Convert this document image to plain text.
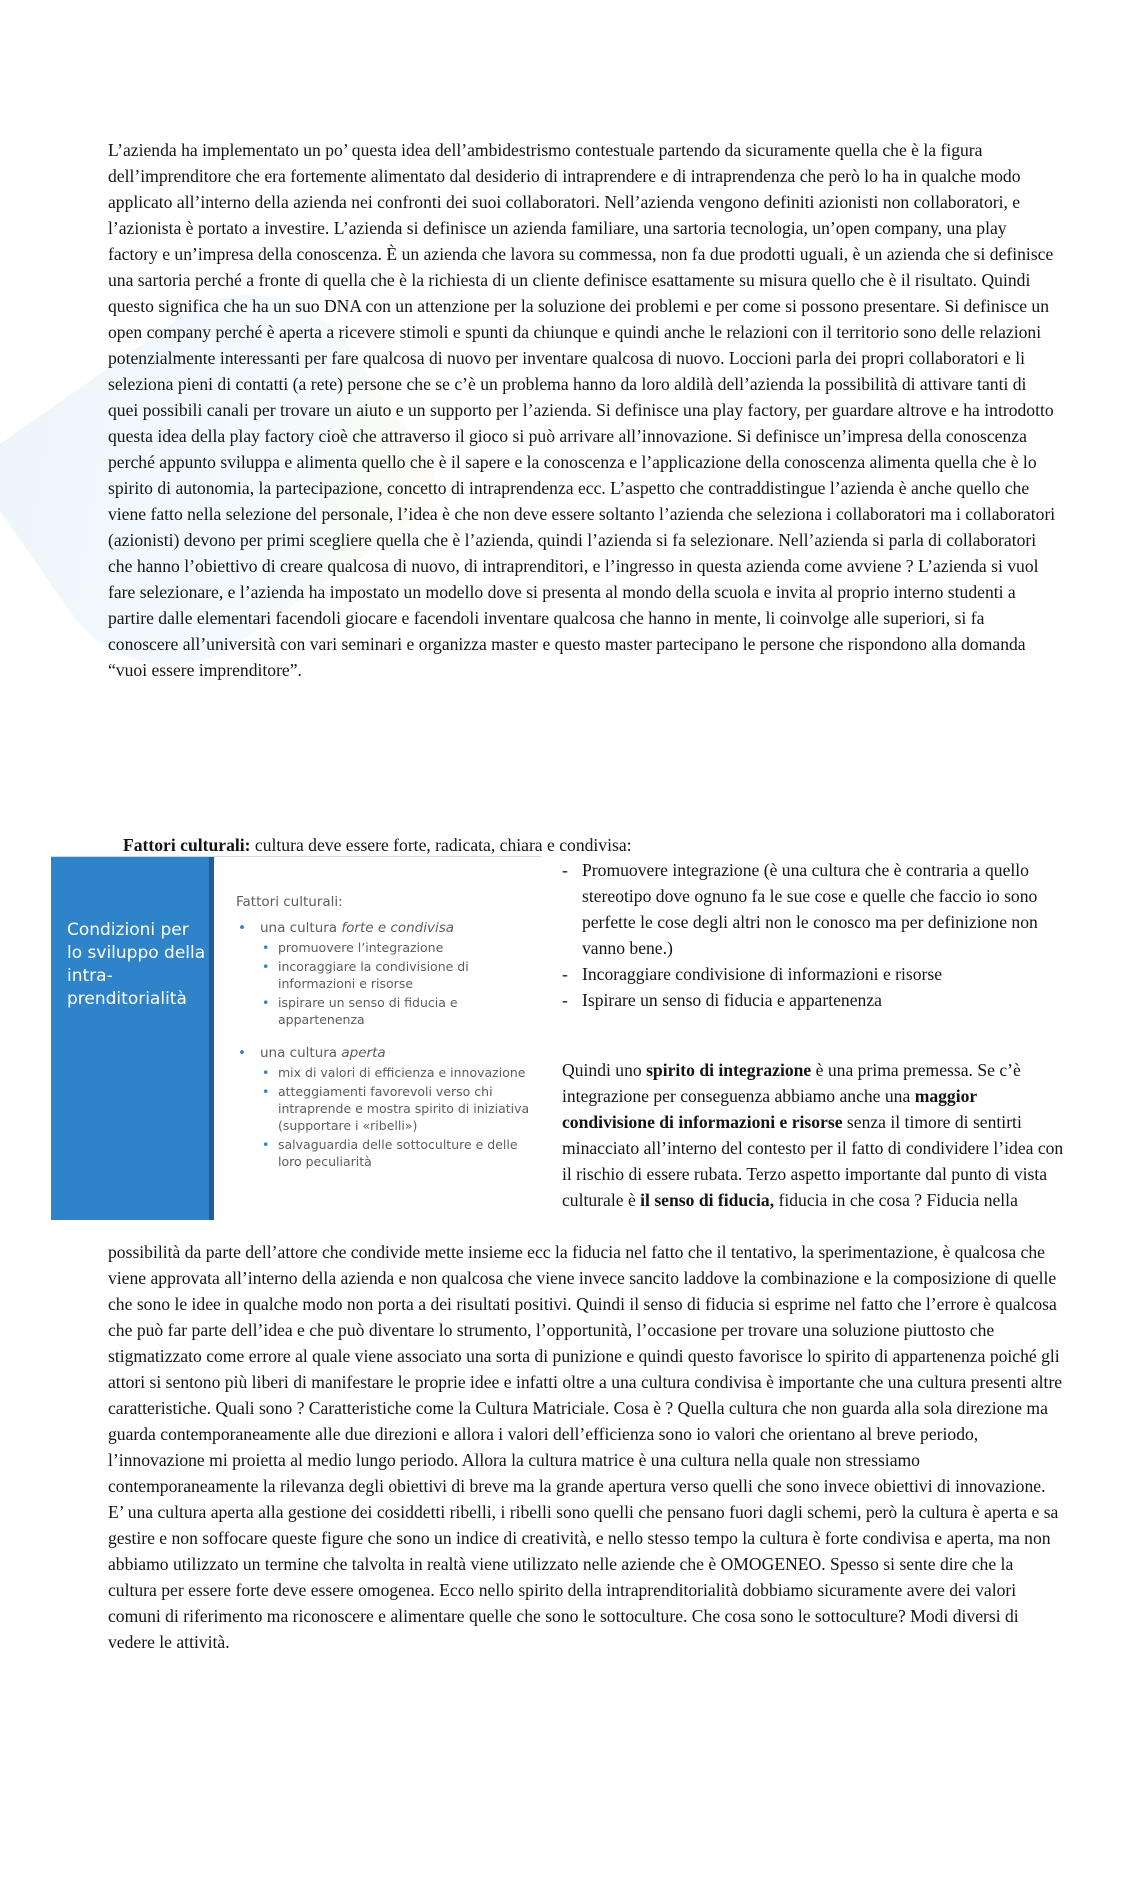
L’azienda ha implementato un po’ questa idea dell’ambidestrismo contestuale partendo da sicuramente quella che è la figura dell’imprenditore che era fortemente alimentato dal desiderio di intraprendere e di intraprendenza che però lo ha in qualche modo applicato all’interno della azienda nei confronti dei suoi collaboratori. Nell’azienda vengono definiti azionisti non collaboratori, e l’azionista è portato a investire. L’azienda si definisce un azienda familiare, una sartoria tecnologia, un’open company, una play factory e un’impresa della conoscenza. È un azienda che lavora su commessa, non fa due prodotti uguali, è un azienda che si definisce una sartoria perché a fronte di quella che è la richiesta di un cliente definisce esattamente su misura quello che è il risultato. Quindi questo significa che ha un suo DNA con un attenzione per la soluzione dei problemi e per come si possono presentare. Si definisce un open company perché è aperta a ricevere stimoli e spunti da chiunque e quindi anche le relazioni con il territorio sono delle relazioni potenzialmente interessanti per fare qualcosa di nuovo per inventare qualcosa di nuovo. Loccioni parla dei propri collaboratori e li seleziona pieni di contatti (a rete) persone che se c’è un problema hanno da loro aldilà dell’azienda la possibilità di attivare tanti di quei possibili canali per trovare un aiuto e un supporto per l’azienda. Si definisce una play factory, per guardare altrove e ha introdotto questa idea della play factory cioè che attraverso il gioco si può arrivare all’innovazione. Si definisce un’impresa della conoscenza perché appunto sviluppa e alimenta quello che è il sapere e la conoscenza e l’applicazione della conoscenza alimenta quella che è lo spirito di autonomia, la partecipazione, concetto di intraprendenza ecc. L’aspetto che contraddistingue l’azienda è anche quello che viene fatto nella selezione del personale, l’idea è che non deve essere soltanto l’azienda che seleziona i collaboratori ma i collaboratori (azionisti) devono per primi scegliere quella che è l’azienda, quindi l’azienda si fa selezionare. Nell’azienda si parla di collaboratori che hanno l’obiettivo di creare qualcosa di nuovo, di intraprenditori, e l’ingresso in questa azienda come avviene ? L’azienda si vuol fare selezionare, e l’azienda ha impostato un modello dove si presenta al mondo della scuola e invita al proprio interno studenti a partire dalle elementari facendoli giocare e facendoli inventare qualcosa che hanno in mente, li coinvolge alle superiori, si fa conoscere all’università con vari seminari e organizza master e questo master partecipano le persone che rispondono alla domanda “vuoi essere imprenditore”.

Fattori culturali: cultura deve essere forte, radicata, chiara e condivisa:

Condizioni per lo sviluppo della intra-prenditorialità
Fattori culturali:
• una cultura forte e condivisa
• promuovere l’integrazione
• incoraggiare la condivisione di informazioni e risorse
• ispirare un senso di fiducia e appartenenza
• una cultura aperta
• mix di valori di efficienza e innovazione
• atteggiamenti favorevoli verso chi intraprende e mostra spirito di iniziativa (supportare i «ribelli»)
• salvaguardia delle sottoculture e delle loro peculiarità
- Promuovere integrazione (è una cultura che è contraria a quello stereotipo dove ognuno fa le sue cose e quelle che faccio io sono perfette le cose degli altri non le conosco ma per definizione non vanno bene.)
- Incoraggiare condivisione di informazioni e risorse
- Ispirare un senso di fiducia e appartenenza

Quindi uno spirito di integrazione è una prima premessa. Se c’è integrazione per conseguenza abbiamo anche una maggior condivisione di informazioni e risorse senza il timore di sentirti minacciato all’interno del contesto per il fatto di condividere l’idea con il rischio di essere rubata. Terzo aspetto importante dal punto di vista culturale è il senso di fiducia, fiducia in che cosa ? Fiducia nella

possibilità da parte dell’attore che condivide mette insieme ecc la fiducia nel fatto che il tentativo, la sperimentazione, è qualcosa che viene approvata all’interno della azienda e non qualcosa che viene invece sancito laddove la combinazione e la composizione di quelle che sono le idee in qualche modo non porta a dei risultati positivi. Quindi il senso di fiducia si esprime nel fatto che l’errore è qualcosa che può far parte dell’idea e che può diventare lo strumento, l’opportunità, l’occasione per trovare una soluzione piuttosto che stigmatizzato come errore al quale viene associato una sorta di punizione e quindi questo favorisce lo spirito di appartenenza poiché gli attori si sentono più liberi di manifestare le proprie idee e infatti oltre a una cultura condivisa è importante che una cultura presenti altre caratteristiche. Quali sono ? Caratteristiche come la Cultura Matriciale. Cosa è ? Quella cultura che non guarda alla sola direzione ma guarda contemporaneamente alle due direzioni e allora i valori dell’efficienza sono io valori che orientano al breve periodo, l’innovazione mi proietta al medio lungo periodo. Allora la cultura matrice è una cultura nella quale non stressiamo contemporaneamente la rilevanza degli obiettivi di breve ma la grande apertura verso quelli che sono invece obiettivi di innovazione. E’ una cultura aperta alla gestione dei cosiddetti ribelli, i ribelli sono quelli che pensano fuori dagli schemi, però la cultura è aperta e sa gestire e non soffocare queste figure che sono un indice di creatività, e nello stesso tempo la cultura è forte condivisa e aperta, ma non abbiamo utilizzato un termine che talvolta in realtà viene utilizzato nelle aziende che è OMOGENEO. Spesso si sente dire che la cultura per essere forte deve essere omogenea. Ecco nello spirito della intraprenditorialità dobbiamo sicuramente avere dei valori comuni di riferimento ma riconoscere e alimentare quelle che sono le sottoculture. Che cosa sono le sottoculture? Modi diversi di vedere le attività.
